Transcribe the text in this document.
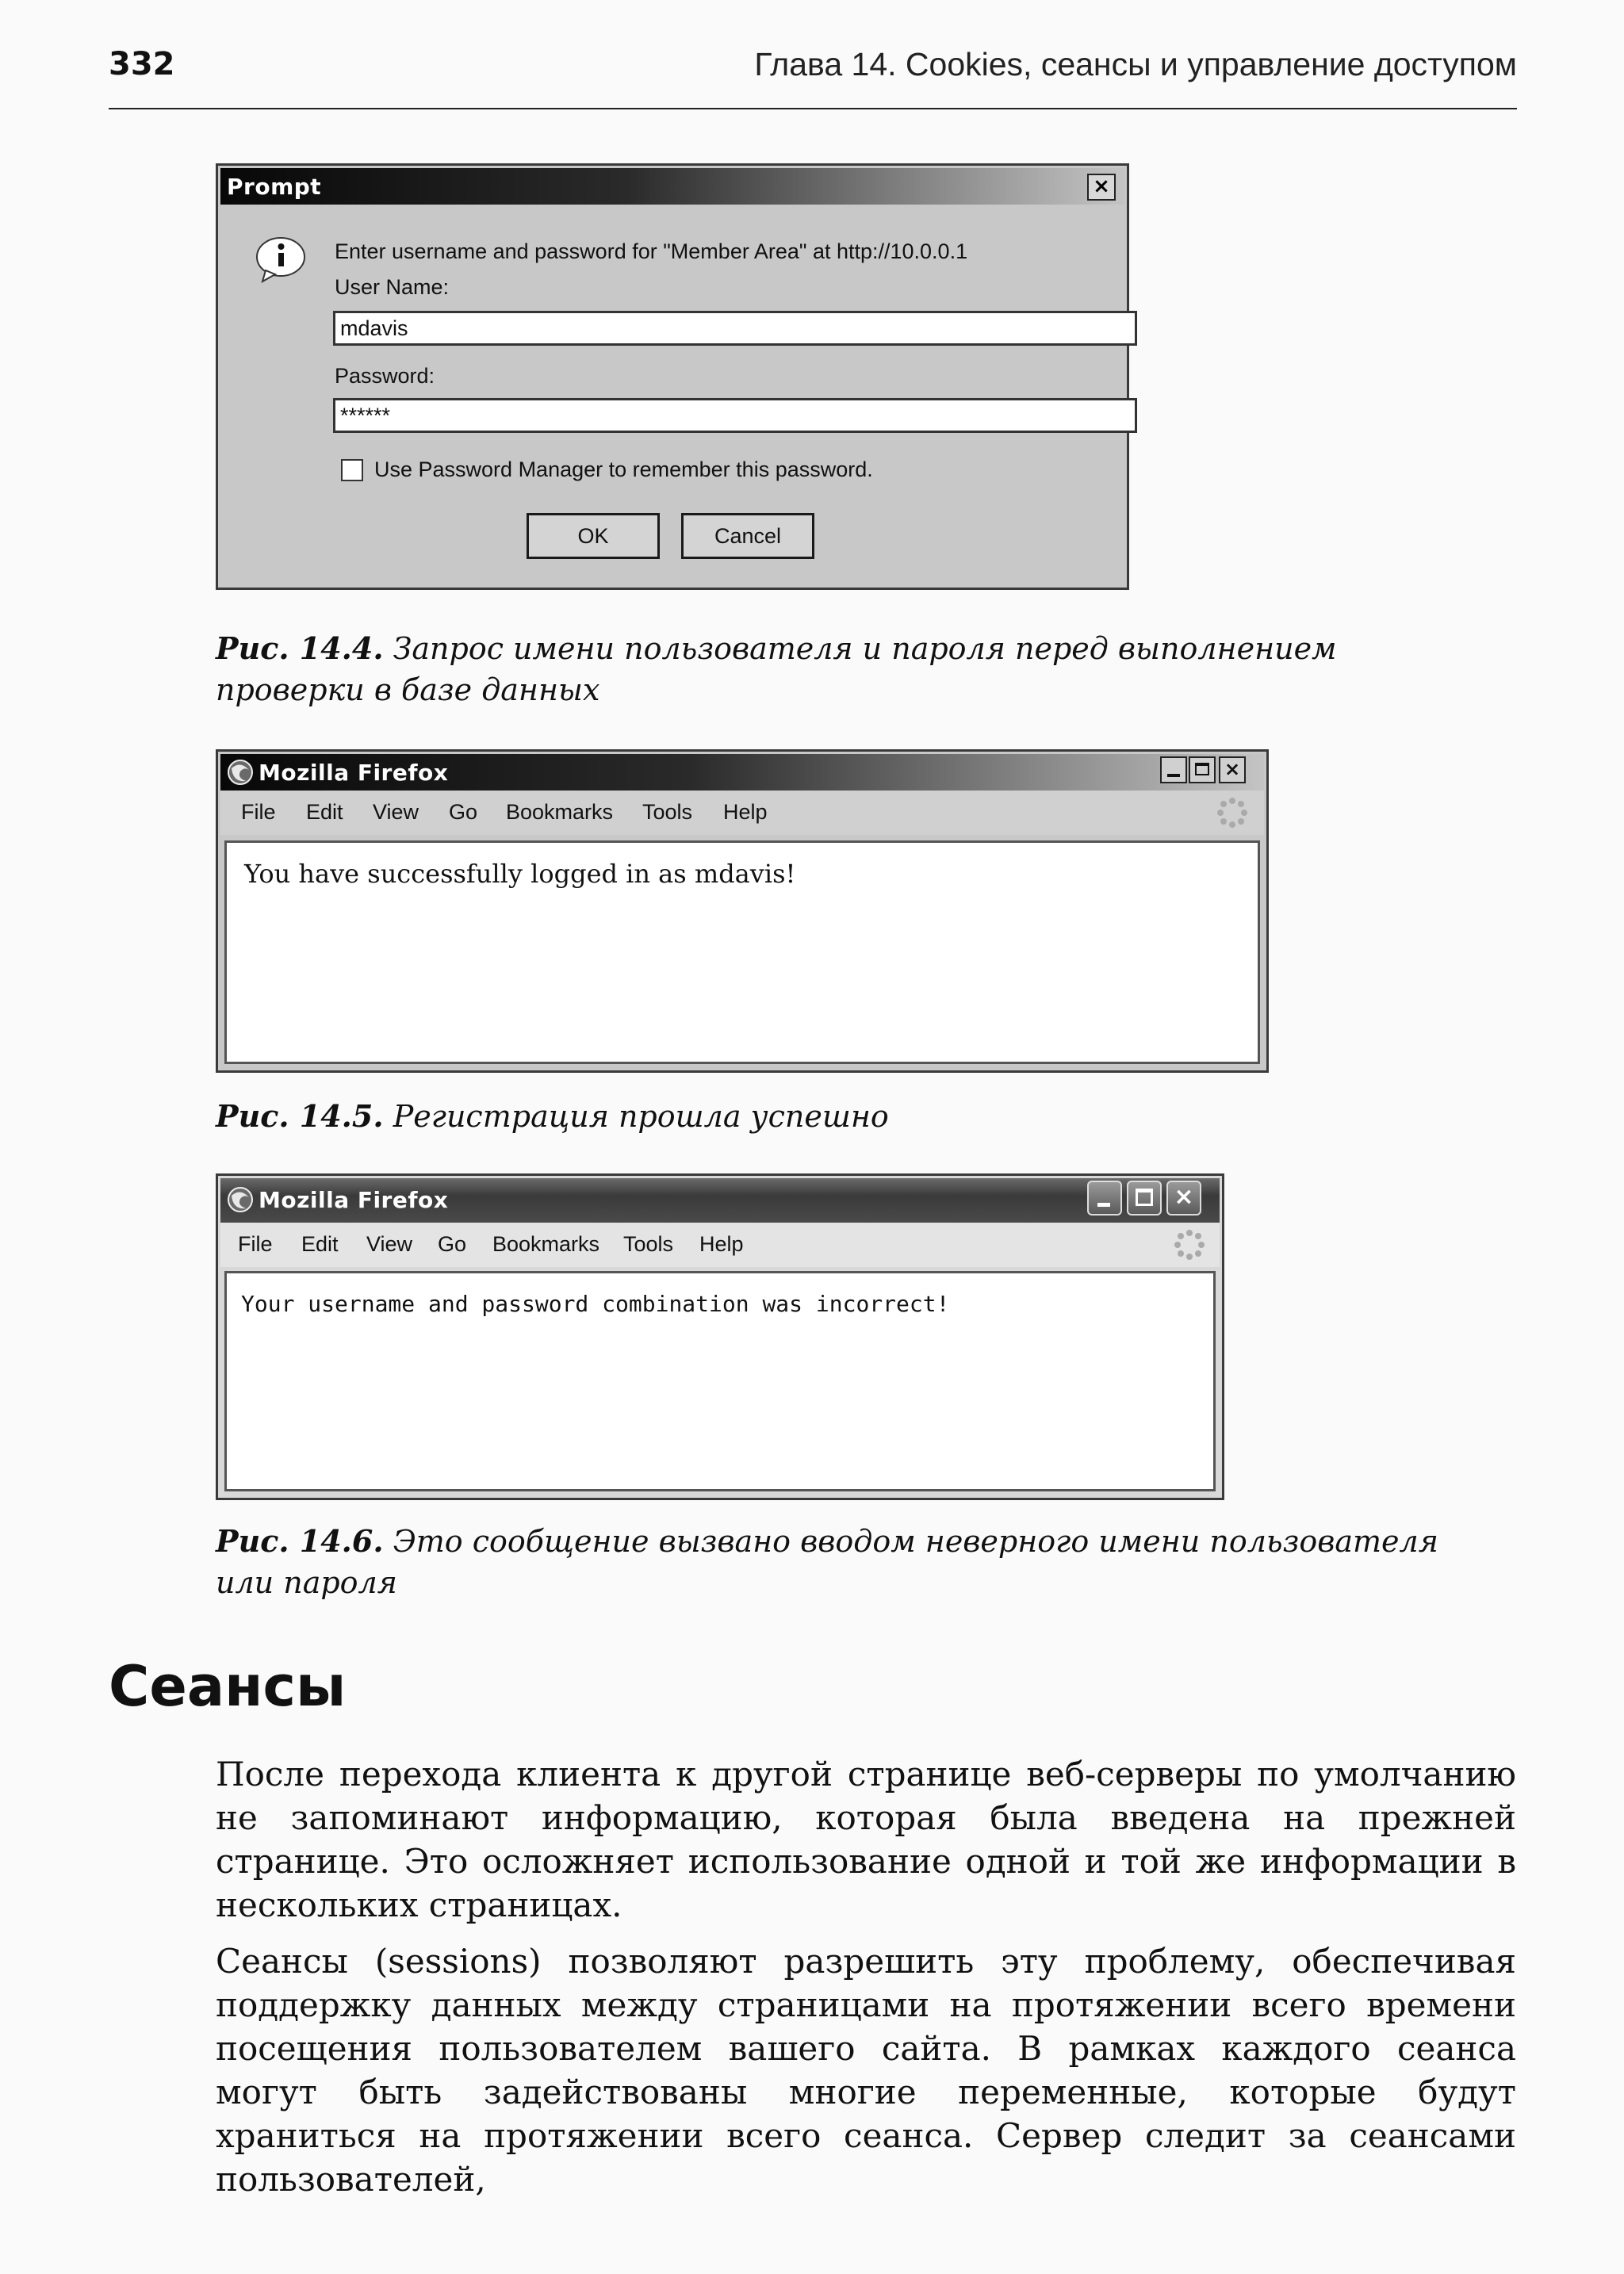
332	Глава 14. Cookies, сеансы и управление доступом
Prompt	×
Enter username and password for "Member Area" at http://10.0.0.1
User Name:
mdavis
Password:
******
Use Password Manager to remember this password.
OK	Cancel
Рис. 14.4. Запрос имени пользователя и пароля перед выполнением
проверки в базе данных
Mozilla Firefox	×
File Edit View Go Bookmarks Tools Help
You have successfully logged in as mdavis!
Рис. 14.5. Регистрация прошла успешно
Mozilla Firefox	×
File Edit View Go Bookmarks Tools Help
Your username and password combination was incorrect!
Рис. 14.6. Это сообщение вызвано вводом неверного имени пользователя
или пароля
Сеансы
После перехода клиента к другой странице веб-серверы по умолчанию не запоминают информацию, которая была введена на прежней странице. Это осложняет использование одной и той же информации в нескольких страницах.
Сеансы (sessions) позволяют разрешить эту проблему, обеспечивая поддержку данных между страницами на протяжении всего времени посещения пользователем вашего сайта. В рамках каждого сеанса могут быть задействованы многие переменные, которые будут храниться на протяжении всего сеанса. Сервер следит за сеансами пользователей,
